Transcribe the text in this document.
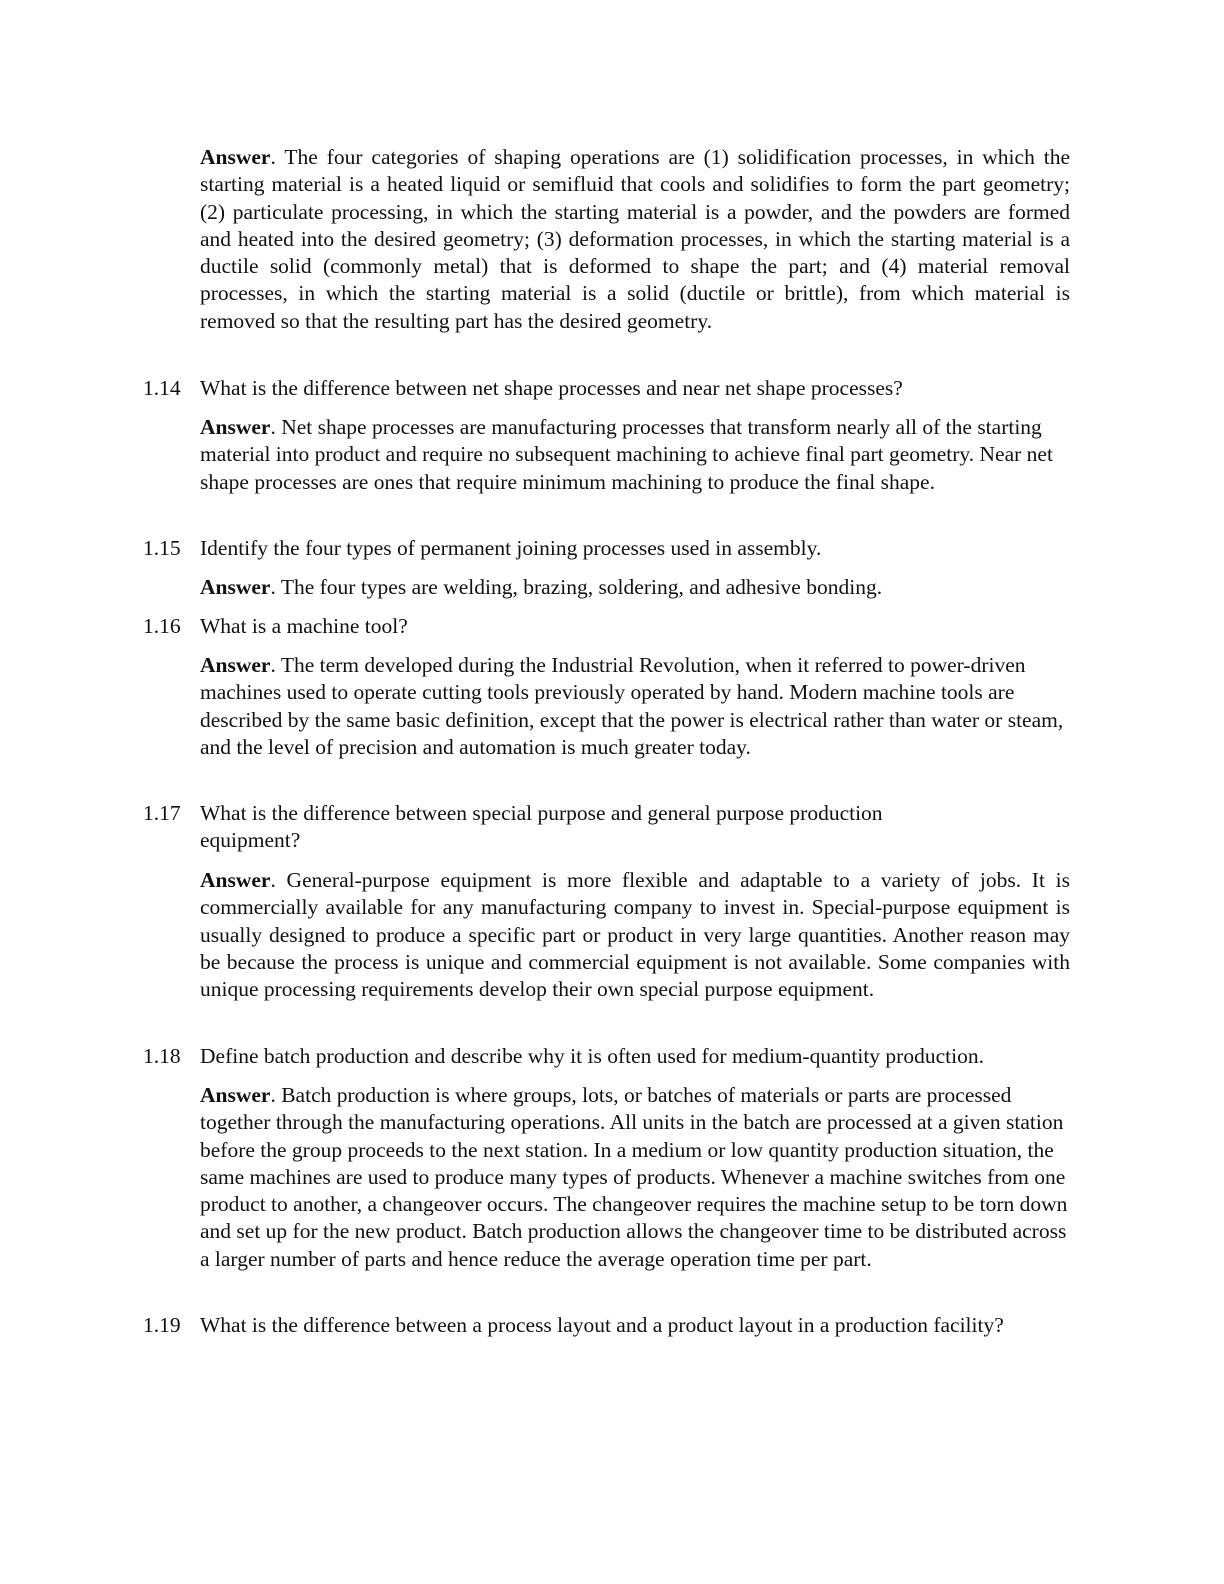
Answer. The four categories of shaping operations are (1) solidification processes, in which the starting material is a heated liquid or semifluid that cools and solidifies to form the part geometry; (2) particulate processing, in which the starting material is a powder, and the powders are formed and heated into the desired geometry; (3) deformation processes, in which the starting material is a ductile solid (commonly metal) that is deformed to shape the part; and (4) material removal processes, in which the starting material is a solid (ductile or brittle), from which material is removed so that the resulting part has the desired geometry.

1.14 What is the difference between net shape processes and near net shape processes?

Answer. Net shape processes are manufacturing processes that transform nearly all of the starting material into product and require no subsequent machining to achieve final part geometry. Near net shape processes are ones that require minimum machining to produce the final shape.

1.15 Identify the four types of permanent joining processes used in assembly.

Answer. The four types are welding, brazing, soldering, and adhesive bonding.

1.16 What is a machine tool?

Answer. The term developed during the Industrial Revolution, when it referred to power-driven machines used to operate cutting tools previously operated by hand. Modern machine tools are described by the same basic definition, except that the power is electrical rather than water or steam, and the level of precision and automation is much greater today.

1.17 What is the difference between special purpose and general purpose production equipment?

Answer. General-purpose equipment is more flexible and adaptable to a variety of jobs. It is commercially available for any manufacturing company to invest in. Special-purpose equipment is usually designed to produce a specific part or product in very large quantities. Another reason may be because the process is unique and commercial equipment is not available. Some companies with unique processing requirements develop their own special purpose equipment.

1.18 Define batch production and describe why it is often used for medium-quantity production.

Answer. Batch production is where groups, lots, or batches of materials or parts are processed together through the manufacturing operations. All units in the batch are processed at a given station before the group proceeds to the next station. In a medium or low quantity production situation, the same machines are used to produce many types of products. Whenever a machine switches from one product to another, a changeover occurs. The changeover requires the machine setup to be torn down and set up for the new product. Batch production allows the changeover time to be distributed across a larger number of parts and hence reduce the average operation time per part.

1.19 What is the difference between a process layout and a product layout in a production facility?
